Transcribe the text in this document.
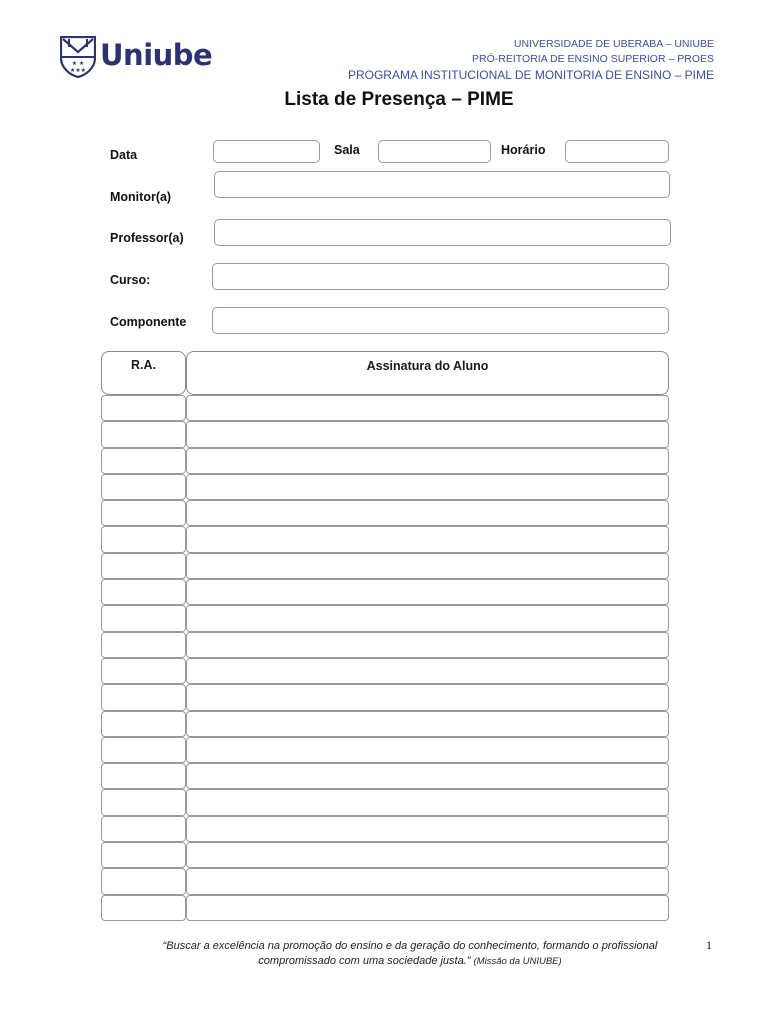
★ ★
★★★ Uniube	UNIVERSIDADE DE UBERABA – UNIUBE
PRÓ-REITORIA DE ENSINO SUPERIOR – PROES
PROGRAMA INSTITUCIONAL DE MONITORIA DE ENSINO – PIME
Lista de Presença – PIME
Data	Sala	Horário
Monitor(a)
Professor(a)
Curso:
Componente
R.A.	Assinatura do Aluno
“Buscar a excelência na promoção do ensino e da geração do conhecimento, formando o profissional compromissado com uma sociedade justa.” (Missão da UNIUBE)
1
